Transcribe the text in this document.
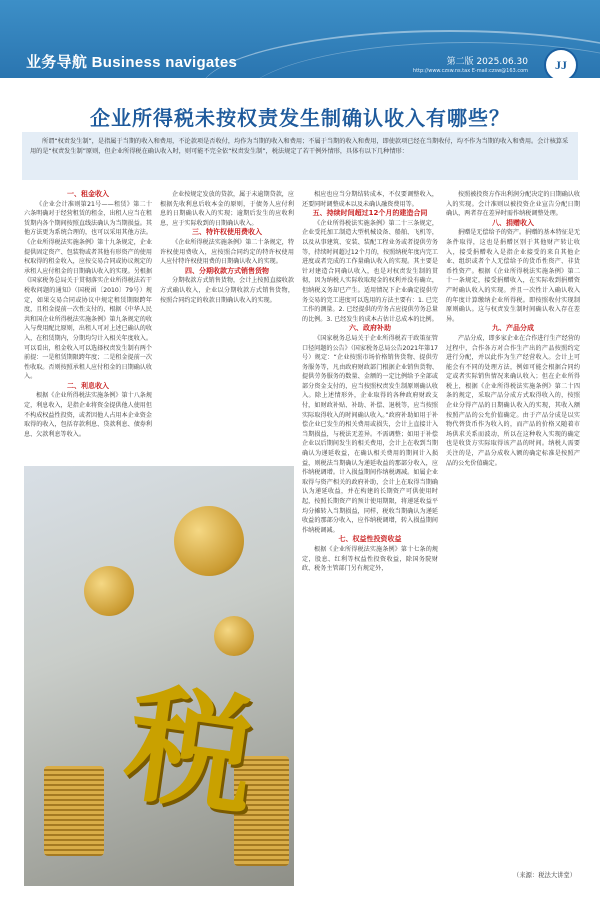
业务导航 Business navigates	第二版 2025.06.30
http://www.czsw.ns.tax E-mail:czsw@163.com	JJ
企业所得税未按权责发生制确认收入有哪些？
所谓“权责发生制”，是指属于当期的收入和费用，不论款项是否收付，均作为当期的收入和费用；不属于当期的收入和费用，即使款项已经在当期收付，均不作为当期的收入和费用。会计核算采用的是“权责发生制”原则，但企业所得税在确认收入时，则可能不完全依“权责发生制”，税法规定了若干例外情形，具体有以下几种情形：

一、租金收入

《企业会计准则第21号——租赁》第二十六条明确对于经营租赁的租金，出租人应当在租赁期内各个期间按照直线法确认为当期损益。其他方法更为系统合理的，也可以采用其他方法。《企业所得税法实施条例》第十九条规定，企业提供固定资产、包装物或者其他有形资产的使用权取得的租金收入，应按交易合同或协议规定的承租人应付租金的日期确认收入的实现。另根据《国家税务总局关于贯彻落实企业所得税法若干税收问题的通知》（国税函〔2010〕79号）规定，如果交易合同或协议中规定租赁期限跨年度，且租金提前一次性支付的，根据《中华人民共和国企业所得税法实施条例》第九条规定的收入与费用配比原则，出租人可对上述已确认的收入，在租赁期内，分期均匀计入相关年度收入。可以看出，租金收入可以选择权责发生制有两个前提：一是租赁期限跨年度；二是租金提前一次性收取。否则按照承租人应付租金的日期确认收入。

二、利息收入

根据《企业所得税法实施条例》第十八条规定，利息收入，是指企业将资金提供他人使用但不构成权益性投资，或者因他人占用本企业资金取得的收入，包括存款利息、贷款利息、债券利息、欠款利息等收入。

企业按规定发放的贷款，属于未逾期贷款，应根据先收利息后收本金的原则，于债务人应付利息的日期确认收入的实现；逾期后发生的应收利息，应于实际收到的日期确认收入。

三、特许权使用费收入

《企业所得税法实施条例》第二十条规定，特许权使用费收入，应按照合同约定的特许权使用人应付特许权使用费的日期确认收入的实现。

四、分期收款方式销售货物

分期收款方式销售货物，会计上按照直接收款方式确认收入，企业以分期收款方式销售货物，按照合同约定的收款日期确认收入的实现。

相应也应当分期结转成本，不仅要调整收入，还要同时调整成本以及未确认融资费用等。

五、持续时间超过12个月的建造合同

《企业所得税法实施条例》第二十三条规定，企业受托加工制造大型机械设备、船舶、飞机等，以及从事建筑、安装、装配工程业务或者提供劳务等，持续时间超过12个月的，按照纳税年度内完工进度或者完成的工作量确认收入的实现。其主要是针对建造合同确认收入，也是对权责发生制的贯彻，因为纳税人实际收取现金的权利并没有确立，但纳税义务却已产生。适用情况下企业确定提供劳务交易的完工进度可以选用的方法主要有：1. 已完工作的测量。2. 已经提供的劳务占应提供劳务总量的比例。3. 已经发生的成本占估计总成本的比例。

六、政府补助

《国家税务总局关于企业所得税若干政策征管口径问题的公告》（国家税务总局公告2021年第17号）规定：“企业按照市场价格销售货物、提供劳务服务等，凡由政府财政部门根据企业销售货物、提供劳务服务的数量、金额的一定比例给予全部或部分资金支付的，应当按照权责发生制原则确认收入。除上述情形外，企业取得的各种政府财政支付，如财政补贴、补助、补偿、退税等，应当按照实际取得收入的时间确认收入。”政府补助如用于补偿企业已发生的相关费用或损失，会计上直接计入当期损益，与税法无差异。不需调整；如用于补偿企业以后期间发生的相关费用，会计上在收到当期确认为递延收益，在确认相关费用的期间计入损益，则税法当期确认为递延收益的那部分收入，应作纳税调增。计入损益期间作纳税调减。如属企业取得与资产相关的政府补助，会计上在取得当期确认为递延收益，并在构建的长期资产可供使用时起，按照长期资产的预计使用期限，将递延收益平均分摊转入当期损益，同样，税收当期确认为递延收益的那部分收入，应作纳税调增，转入损益期间作纳税调减。

七、权益性投资收益

根据《企业所得税法实施条例》第十七条的规定，股息、红利等权益性投资收益，除国务院财政、税务主管部门另有规定外，

按照被投资方作出利润分配决定的日期确认收入的实现。会计准则以被投资企业宣告分配日期确认，两者存在差异时需作纳税调整处理。

八、捐赠收入

捐赠是无偿给予的资产。捐赠的基本特征是无条件取得，这也是捐赠区别于其他财产转让收入，接受捐赠收入是指企业接受的来自其他企业、组织或者个人无偿给予的货币性资产、非货币性资产。根据《企业所得税法实施条例》第二十一条规定，接受捐赠收入，在实际收到捐赠资产时确认收入的实现。并且一次性计入确认收入的年度计算缴纳企业所得税。即按照收付实现制原则确认。这与权责发生制时间确认收入存在差异。

九、产品分成

产品分成，即多家企业在合作进行生产经营的过程中，合作各方对合作生产出的产品按照约定进行分配，并以此作为生产经营收入。会计上可能会有不同的处理方法，例如可能会根据合同约定或者实际销售情况来确认收入；但在企业所得税上，根据《企业所得税法实施条例》第二十四条的规定，采取产品分成方式取得收入的，按照企业分得产品的日期确认收入的实现，其收入额按照产品的公允价值确定。由于产品分成是以实物代替货币作为收入的，而产品的价格又随着市场供求关系而波动，所以在这种收入实现的确定也是收货方实际取得该产品的时间。纳税人需要关注的是，产品分成收入额的确定标准是按照产品的公允价值确定。

税
（来源：税法大讲堂）
